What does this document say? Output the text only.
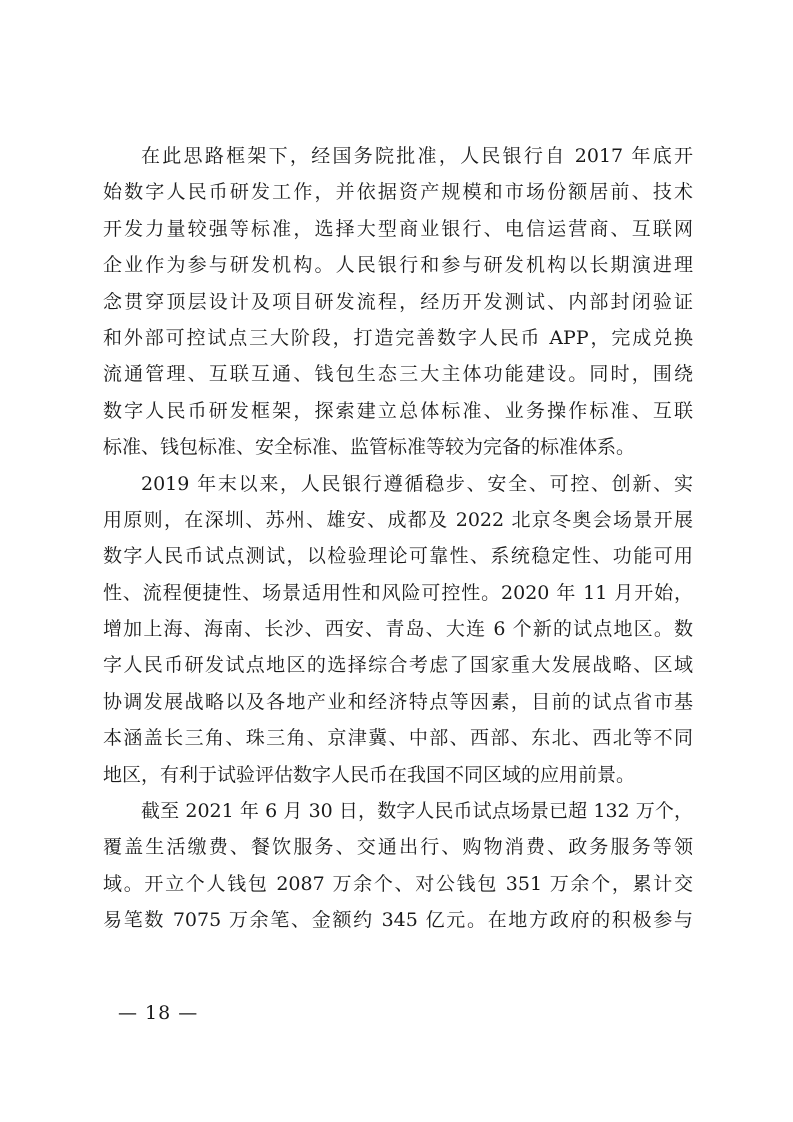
在此思路框架下，经国务院批准，人民银行自 2017 年底开
始数字人民币研发工作，并依据资产规模和市场份额居前、技术
开发力量较强等标准，选择大型商业银行、电信运营商、互联网
企业作为参与研发机构。人民银行和参与研发机构以长期演进理
念贯穿顶层设计及项目研发流程，经历开发测试、内部封闭验证
和外部可控试点三大阶段，打造完善数字人民币 APP，完成兑换
流通管理、互联互通、钱包生态三大主体功能建设。同时，围绕
数字人民币研发框架，探索建立总体标准、业务操作标准、互联
标准、钱包标准、安全标准、监管标准等较为完备的标准体系。
2019 年末以来，人民银行遵循稳步、安全、可控、创新、实
用原则，在深圳、苏州、雄安、成都及 2022 北京冬奥会场景开展
数字人民币试点测试，以检验理论可靠性、系统稳定性、功能可用
性、流程便捷性、场景适用性和风险可控性。2020 年 11 月开始，
增加上海、海南、长沙、西安、青岛、大连 6 个新的试点地区。数
字人民币研发试点地区的选择综合考虑了国家重大发展战略、区域
协调发展战略以及各地产业和经济特点等因素，目前的试点省市基
本涵盖长三角、珠三角、京津冀、中部、西部、东北、西北等不同
地区，有利于试验评估数字人民币在我国不同区域的应用前景。
截至 2021 年 6 月 30 日，数字人民币试点场景已超 132 万个，
覆盖生活缴费、餐饮服务、交通出行、购物消费、政务服务等领
域。开立个人钱包 2087 万余个、对公钱包 351 万余个，累计交
易笔数 7075 万余笔、金额约 345 亿元。在地方政府的积极参与
— 18 —
